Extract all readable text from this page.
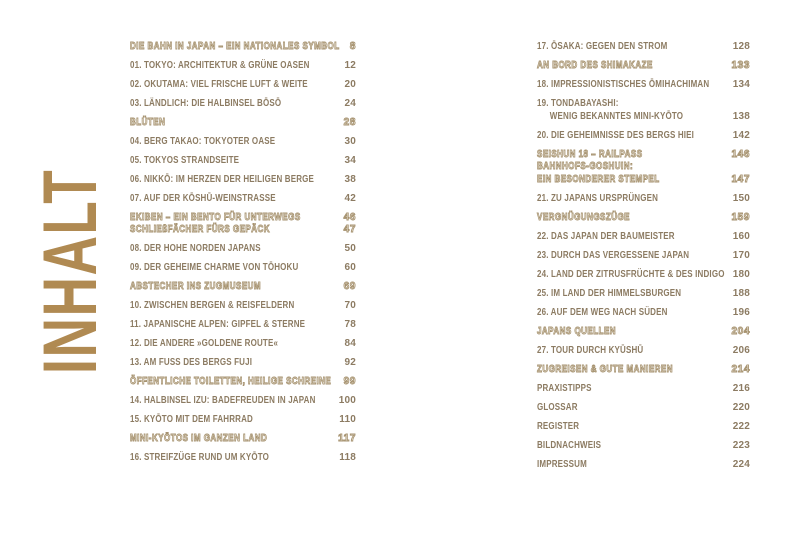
INHALT
DIE BAHN IN JAPAN – EIN NATIONALES SYMBOL 8
01. TOKYO: ARCHITEKTUR & GRÜNE OASEN	12
02. OKUTAMA: VIEL FRISCHE LUFT & WEITE	20
03. LÄNDLICH: DIE HALBINSEL BŌSŌ	24
BLÜTEN	28
04. BERG TAKAO: TOKYOTER OASE	30
05. TOKYOS STRANDSEITE	34
06. NIKKŌ: IM HERZEN DER HEILIGEN BERGE	38
07. AUF DER KŌSHŪ-WEINSTRASSE	42
EKIBEN – EIN BENTO FÜR UNTERWEGS	46
SCHLIEßFÄCHER FÜRS GEPÄCK	47
08. DER HOHE NORDEN JAPANS	50
09. DER GEHEIME CHARME VON TŌHOKU	60
ABSTECHER INS ZUGMUSEUM	69
10. ZWISCHEN BERGEN & REISFELDERN	70
11. JAPANISCHE ALPEN: GIPFEL & STERNE	78
12. DIE ANDERE »GOLDENE ROUTE«	84
13. AM FUSS DES BERGS FUJI	92
ÖFFENTLICHE TOILETTEN, HEILIGE SCHREINE 99
14. HALBINSEL IZU: BADEFREUDEN IN JAPAN 100
15. KYŌTO MIT DEM FAHRRAD	110
MINI-KYŌTOS IM GANZEN LAND	117
16. STREIFZÜGE RUND UM KYŌTO	118
17. ŌSAKA: GEGEN DEN STROM	128
AN BORD DES SHIMAKAZE	133
18. IMPRESSIONISTISCHES ŌMIHACHIMAN 134
19. TONDABAYASHI:
WENIG BEKANNTES MINI-KYŌTO	138
20. DIE GEHEIMNISSE DES BERGS HIEI	142
SEISHUN 18 – RAILPASS	146
BAHNHOFS-GOSHUIN:
EIN BESONDERER STEMPEL	147
21. ZU JAPANS URSPRÜNGEN	150
VERGNÜGUNGSZÜGE	159
22. DAS JAPAN DER BAUMEISTER	160
23. DURCH DAS VERGESSENE JAPAN	170
24. LAND DER ZITRUSFRÜCHTE & DES INDIGO 180
25. IM LAND DER HIMMELSBURGEN	188
26. AUF DEM WEG NACH SÜDEN	196
JAPANS QUELLEN	204
27. TOUR DURCH KYŪSHŪ	206
ZUGREISEN & GUTE MANIEREN	214
PRAXISTIPPS	216
GLOSSAR	220
REGISTER	222
BILDNACHWEIS	223
IMPRESSUM	224
